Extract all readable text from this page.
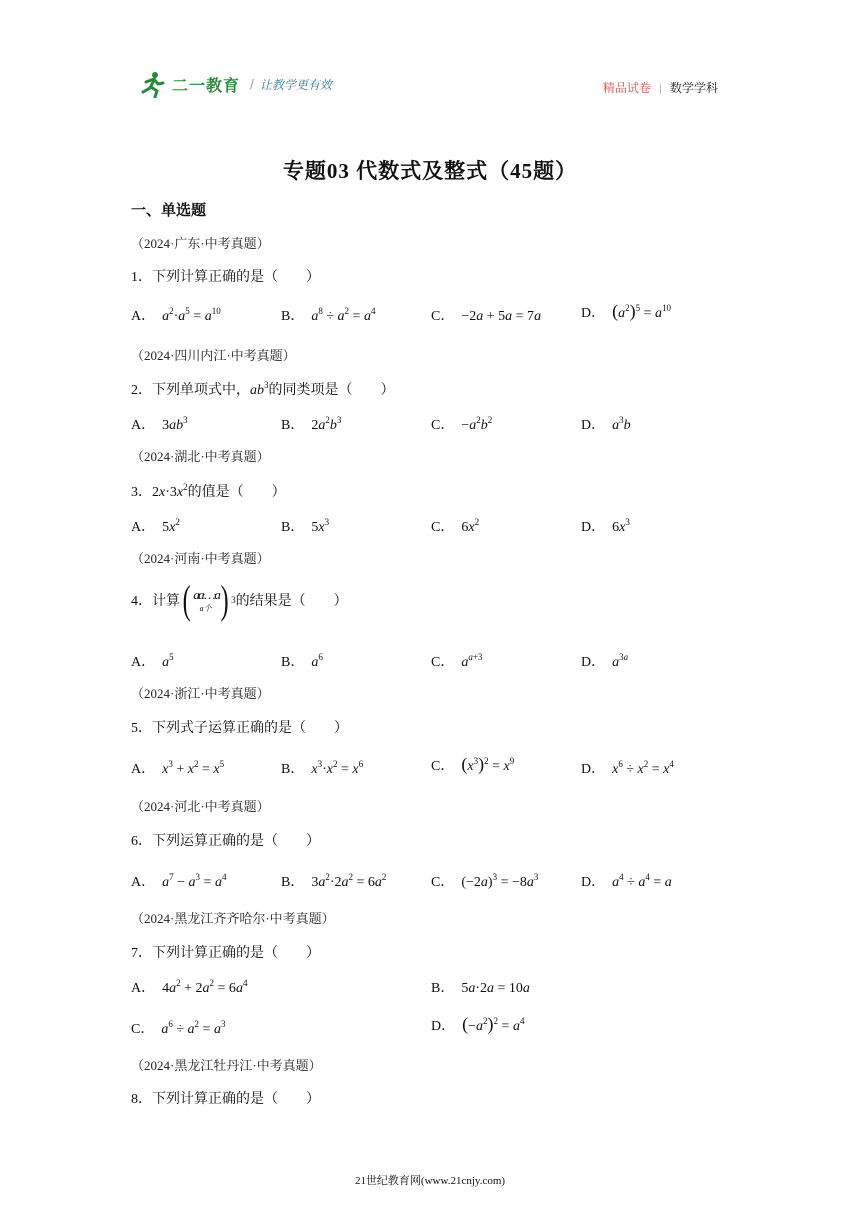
二一教育 / 让教学更有效	精品试卷 | 数学学科
专题03 代数式及整式（45题）
一、单选题
（2024·广东·中考真题）
1．下列计算正确的是（　　）
A． $a^2\cdot a^5 = a^{10}$	B． $a^8 \div a^2 = a^4$	C．  −2a + 5a = 7a	D． $(a^2)^5 = a^{10}$
（2024·四川内江·中考真题）
2．下列单项式中，$ab^3$的同类项是（　　）
A．  $3ab^3$	B．  $2a^2b^3$	C．  $-a^2b^2$	D． $a^3b$
（2024·湖北·中考真题）
3．$2x\cdot 3x^2$的值是（　　）
A．  $5x^2$	B．  $5x^3$	C．  $6x^2$	D．  $6x^3$
（2024·河南·中考真题）
4．计算 ( a·a·…·a
a个 ) 3 的结果是（　　）
A． $a^5$	B． $a^6$	C． $a^{a+3}$	D． $a^{3a}$
（2024·浙江·中考真题）
5．下列式子运算正确的是（　　）
A． $x^3 + x^2 = x^5$	B． $x^3\cdot x^2 = x^6$	C． $(x^3)^2 = x^9$
D． $x^6 \div x^2 = x^4$
（2024·河北·中考真题）
6．下列运算正确的是（　　）
A． $a^7 - a^3 = a^4$	B．  $3a^2\cdot 2a^2 = 6a^2$	C．  $(-2a)^3 = -8a^3$	D． $a^4 \div a^4 = a$
（2024·黑龙江齐齐哈尔·中考真题）
7．下列计算正确的是（　　）
A．  $4a^2 + 2a^2 = 6a^4$	B．  5a·2a = 10a
C． $a^6 \div a^2 = a^3$	D． $(-a^2)^2 = a^4$
（2024·黑龙江牡丹江·中考真题）
8．下列计算正确的是（　　）
21世纪教育网(www.21cnjy.com)
